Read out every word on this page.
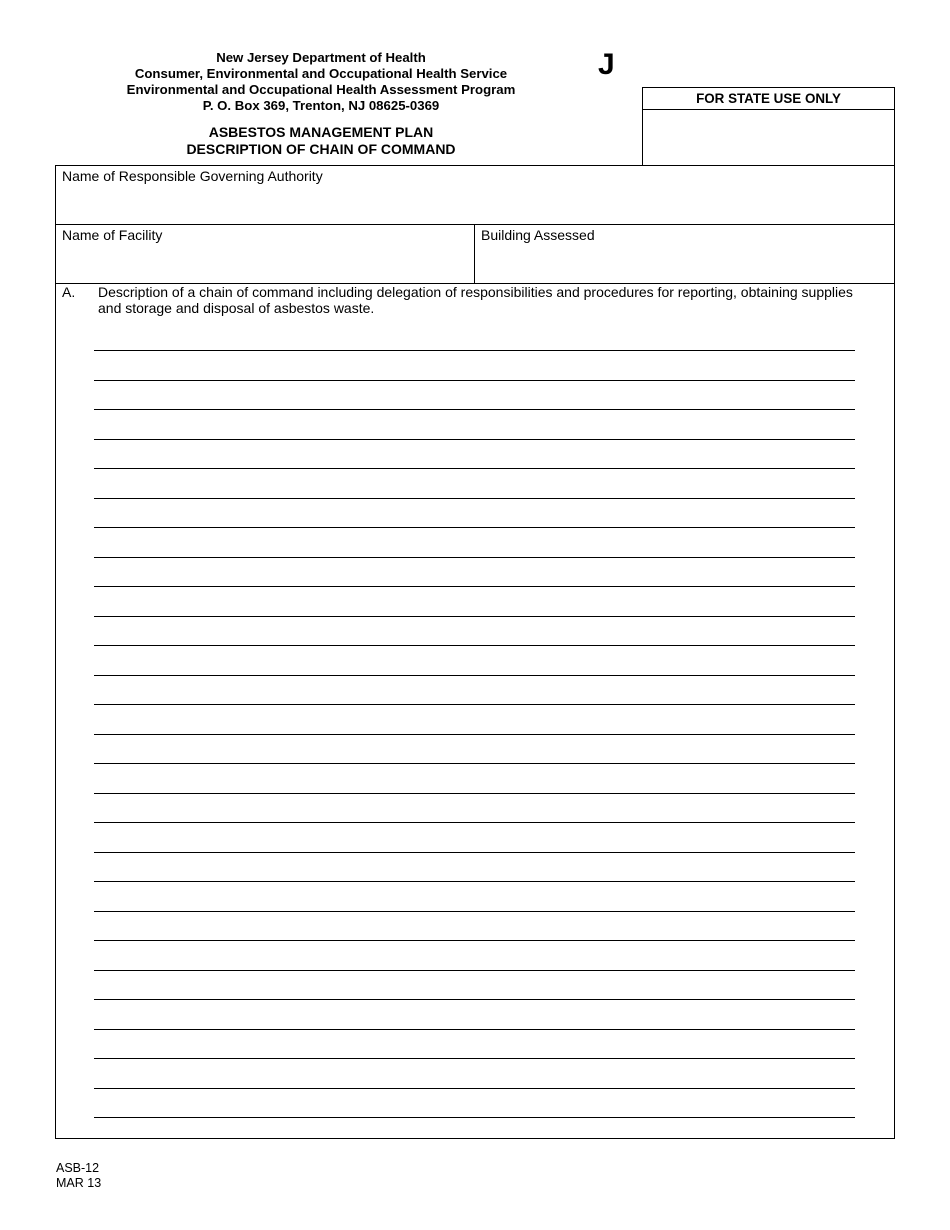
New Jersey Department of Health
Consumer, Environmental and Occupational Health Service
Environmental and Occupational Health Assessment Program
P. O. Box 369, Trenton, NJ 08625-0369
ASBESTOS MANAGEMENT PLAN
DESCRIPTION OF CHAIN OF COMMAND
J
FOR STATE USE ONLY
Name of Responsible Governing Authority
Name of Facility	Building Assessed
A. Description of a chain of command including delegation of responsibilities and procedures for reporting, obtaining supplies and storage and disposal of asbestos waste.
ASB-12
MAR 13
